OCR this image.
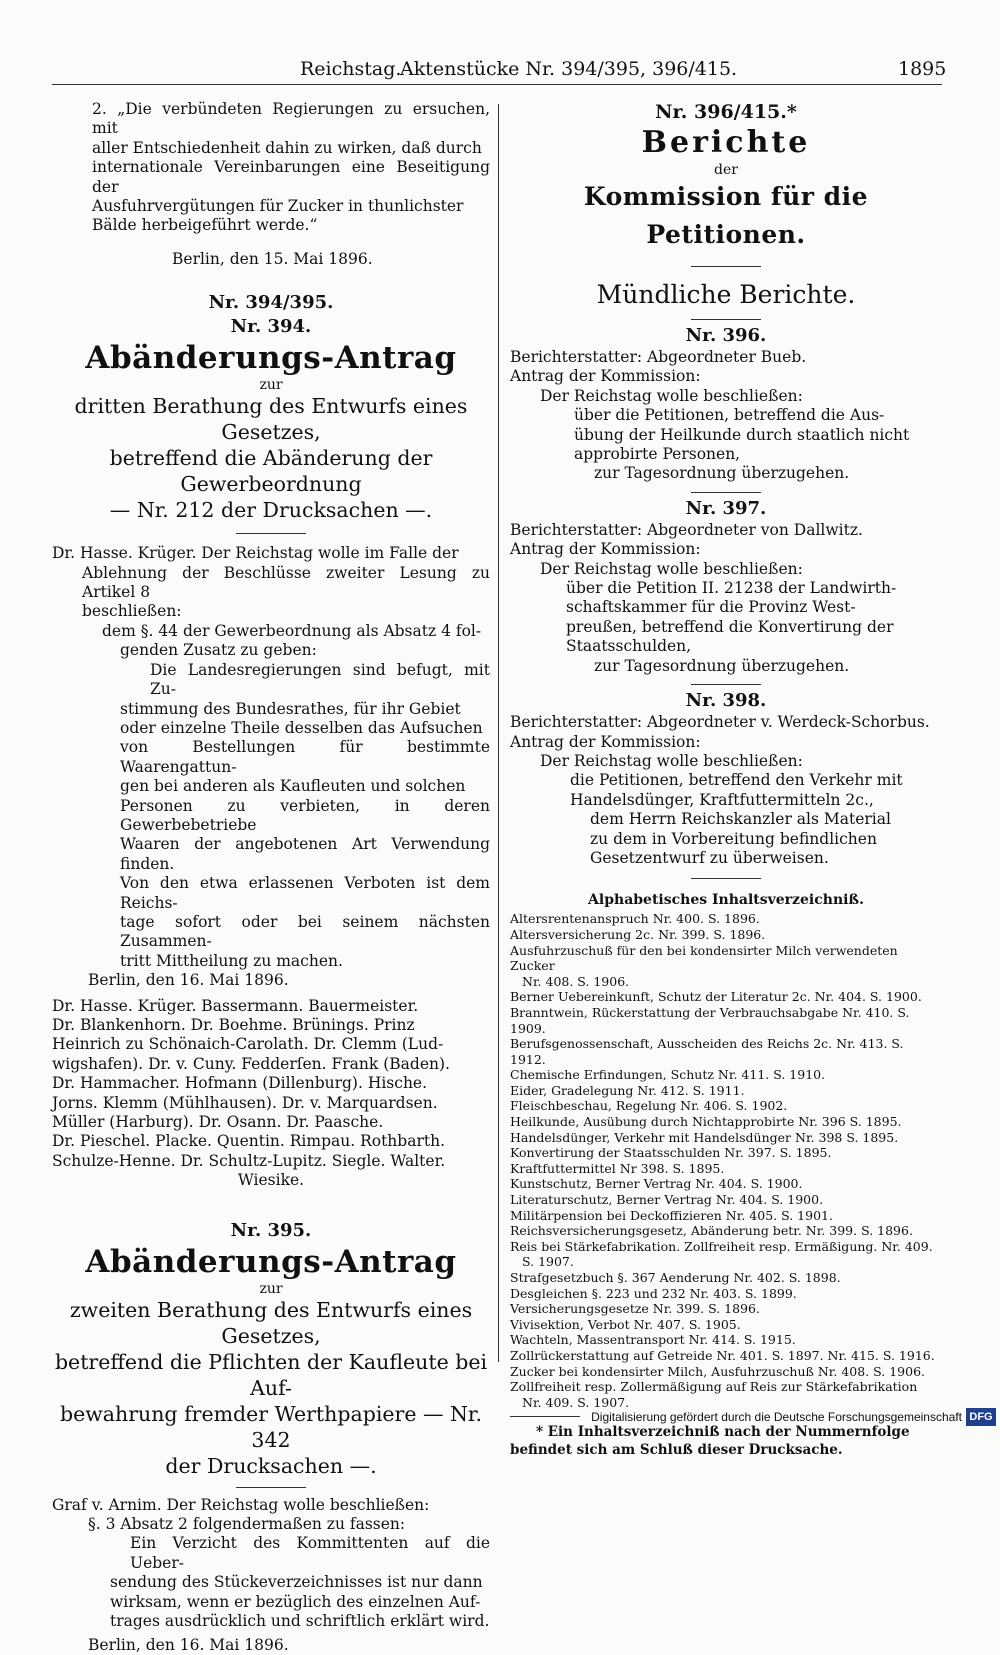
Reichstag.
Aktenstücke Nr. 394/395, 396/415.	1895
2. „Die verbündeten Regierungen zu ersuchen, mit
aller Entschiedenheit dahin zu wirken, daß durch
internationale Vereinbarungen eine Beseitigung der
Ausfuhrvergütungen für Zucker in thunlichster
Bälde herbeigeführt werde.“
Berlin, den 15. Mai 1896.
Nr. 394/395.
Nr. 394.
Abänderungs-Antrag
zur
dritten Berathung des Entwurfs eines Gesetzes,
betreffend die Abänderung der Gewerbeordnung
— Nr. 212 der Drucksachen —.
Dr. Hasse. Krüger. Der Reichstag wolle im Falle der
Ablehnung der Beschlüsse zweiter Lesung zu Artikel 8
beschließen:
dem §. 44 der Gewerbeordnung als Absatz 4 fol-
genden Zusatz zu geben:
Die Landesregierungen sind befugt, mit Zu-
stimmung des Bundesrathes, für ihr Gebiet
oder einzelne Theile desselben das Aufsuchen
von Bestellungen für bestimmte Waarengattun-
gen bei anderen als Kaufleuten und solchen
Personen zu verbieten, in deren Gewerbebetriebe
Waaren der angebotenen Art Verwendung finden.
Von den etwa erlassenen Verboten ist dem Reichs-
tage sofort oder bei seinem nächsten Zusammen-
tritt Mittheilung zu machen.
Berlin, den 16. Mai 1896.
Dr. Hasse. Krüger. Bassermann. Bauermeister.
Dr. Blankenhorn. Dr. Boehme. Brünings. Prinz
Heinrich zu Schönaich-Carolath. Dr. Clemm (Lud-
wigshafen). Dr. v. Cuny. Fedderſen. Frank (Baden).
Dr. Hammacher. Hofmann (Dillenburg). Hische.
Jorns. Klemm (Mühlhausen). Dr. v. Marquardsen.
Müller (Harburg). Dr. Osann. Dr. Paasche.
Dr. Pieschel. Placke. Quentin. Rimpau. Rothbarth.
Schulze-Henne. Dr. Schultz-Lupitz. Siegle. Walter.
Wiesike.
Nr. 395.
Abänderungs-Antrag
zur
zweiten Berathung des Entwurfs eines Gesetzes,
betreffend die Pflichten der Kaufleute bei Auf-
bewahrung fremder Werthpapiere — Nr. 342
der Drucksachen —.
Graf v. Arnim. Der Reichstag wolle beschließen:
§. 3 Absatz 2 folgendermaßen zu fassen:
Ein Verzicht des Kommittenten auf die Ueber-
sendung des Stückeverzeichnisses ist nur dann
wirksam, wenn er bezüglich des einzelnen Auf-
trages ausdrücklich und schriftlich erklärt wird.
Berlin, den 16. Mai 1896.
Nr. 396/415.*
Berichte
der
Kommission für die Petitionen.
Mündliche Berichte.
Nr. 396.
Berichterstatter: Abgeordneter Bueb.
Antrag der Kommission:
Der Reichstag wolle beschließen:
über die Petitionen, betreffend die Aus-
übung der Heilkunde durch staatlich nicht
approbirte Personen,
zur Tagesordnung überzugehen.
Nr. 397.
Berichterstatter: Abgeordneter von Dallwitz.
Antrag der Kommission:
Der Reichstag wolle beschließen:
über die Petition II. 21238 der Landwirth-
schaftskammer für die Provinz West-
preußen, betreffend die Konvertirung der
Staatsschulden,
zur Tagesordnung überzugehen.
Nr. 398.
Berichterstatter: Abgeordneter v. Werdeck-Schorbus.
Antrag der Kommission:
Der Reichstag wolle beschließen:
die Petitionen, betreffend den Verkehr mit
Handelsdünger, Kraftfuttermitteln 2c.,
dem Herrn Reichskanzler als Material
zu dem in Vorbereitung befindlichen
Gesetzentwurf zu überweisen.
Alphabetisches Inhaltsverzeichniß.
Altersrentenanspruch Nr. 400. S. 1896.
Altersversicherung 2c. Nr. 399. S. 1896.
Ausfuhrzuschuß für den bei kondensirter Milch verwendeten Zucker
Nr. 408. S. 1906.
Berner Uebereinkunft, Schutz der Literatur 2c. Nr. 404. S. 1900.
Branntwein, Rückerstattung der Verbrauchsabgabe Nr. 410. S. 1909.
Berufsgenossenschaft, Ausscheiden des Reichs 2c. Nr. 413. S. 1912.
Chemische Erfindungen, Schutz Nr. 411. S. 1910.
Eider, Gradelegung Nr. 412. S. 1911.
Fleischbeschau, Regelung Nr. 406. S. 1902.
Heilkunde, Ausübung durch Nichtapprobirte Nr. 396 S. 1895.
Handelsdünger, Verkehr mit Handelsdünger Nr. 398 S. 1895.
Konvertirung der Staatsschulden Nr. 397. S. 1895.
Kraftfuttermittel Nr 398. S. 1895.
Kunstschutz, Berner Vertrag Nr. 404. S. 1900.
Literaturschutz, Berner Vertrag Nr. 404. S. 1900.
Militärpension bei Deckoffizieren Nr. 405. S. 1901.
Reichsversicherungsgesetz, Abänderung betr. Nr. 399. S. 1896.
Reis bei Stärkefabrikation. Zollfreiheit resp. Ermäßigung. Nr. 409.
S. 1907.
Strafgesetzbuch §. 367 Aenderung Nr. 402. S. 1898.
Desgleichen §. 223 und 232 Nr. 403. S. 1899.
Versicherungsgesetze Nr. 399. S. 1896.
Vivisektion, Verbot Nr. 407. S. 1905.
Wachteln, Massentransport Nr. 414. S. 1915.
Zollrückerstattung auf Getreide Nr. 401. S. 1897. Nr. 415. S. 1916.
Zucker bei kondensirter Milch, Ausfuhrzuschuß Nr. 408. S. 1906.
Zollfreiheit resp. Zollermäßigung auf Reis zur Stärkefabrikation
Nr. 409. S. 1907.
* Ein Inhaltsverzeichniß nach der Nummernfolge
befindet sich am Schluß dieser Drucksache.
Digitalisierung gefördert durch die Deutsche Forschungsgemeinschaft DFG
